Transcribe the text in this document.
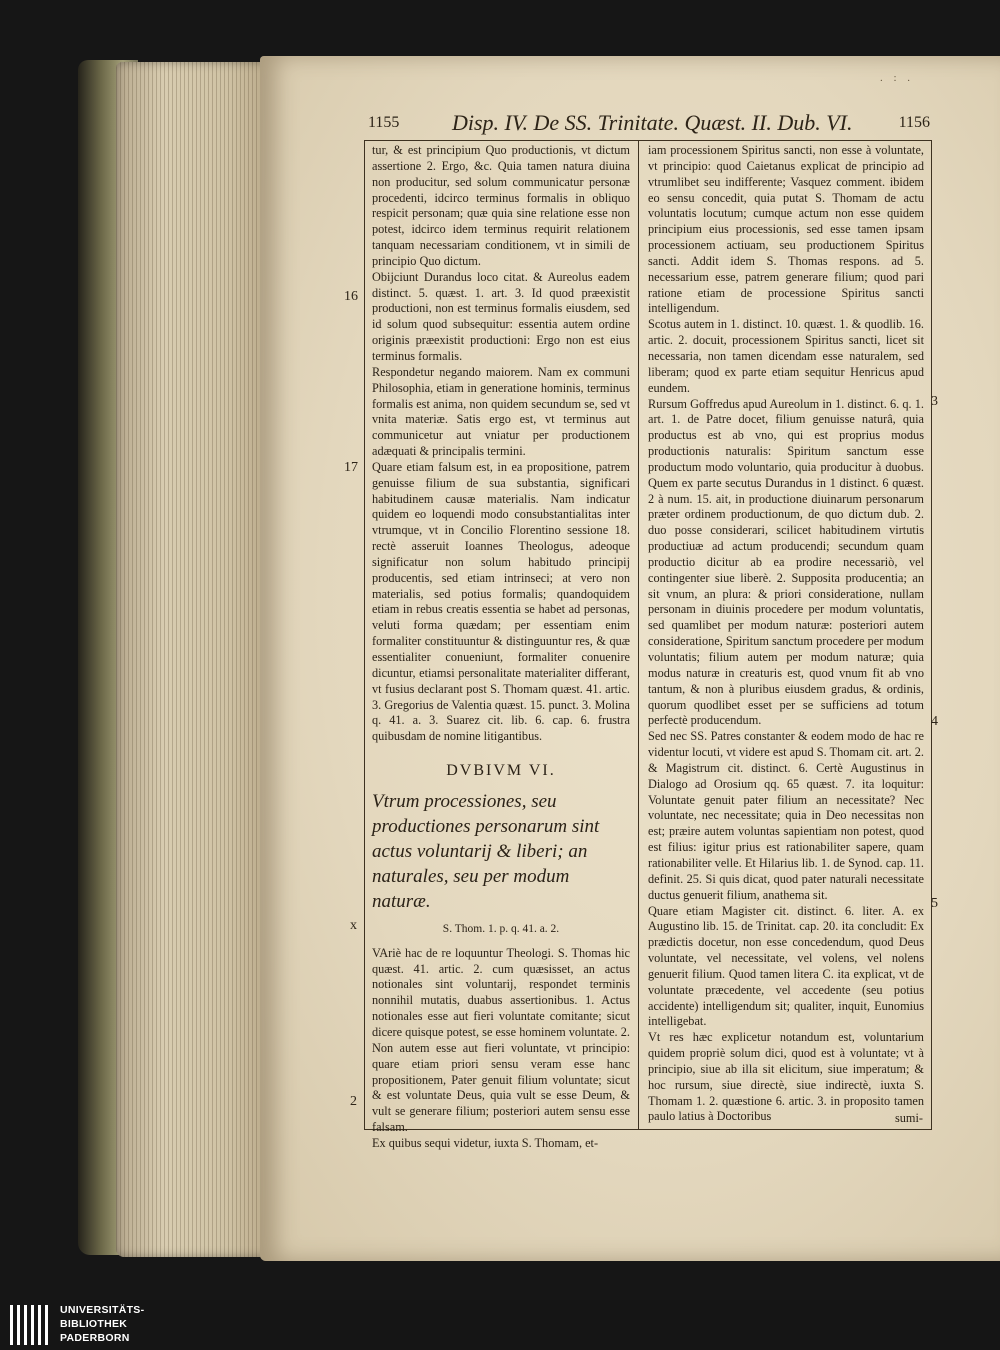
. : .
1155 Disp. IV. De SS. Trinitate. Quæst. II. Dub. VI.	1156

tur, & est principium Quo productionis, vt dictum assertione 2. Ergo, &c. Quia tamen natura diuina non producitur, sed solum communicatur personæ procedenti, idcirco terminus formalis in obliquo respicit personam; quæ quia sine relatione esse non potest, idcirco idem terminus requirit relationem tanquam necessariam conditionem, vt in simili de principio Quo dictum.

Obijciunt Durandus loco citat. & Aureolus eadem distinct. 5. quæst. 1. art. 3. Id quod præexistit productioni, non est terminus formalis eiusdem, sed id solum quod subsequitur: essentia autem ordine originis præexistit productioni: Ergo non est eius terminus formalis.

Respondetur negando maiorem. Nam ex communi Philosophia, etiam in generatione hominis, terminus formalis est anima, non quidem secundum se, sed vt vnita materiæ. Satis ergo est, vt terminus aut communicetur aut vniatur per productionem adæquati & principalis termini.

Quare etiam falsum est, in ea propositione, patrem genuisse filium de sua substantia, significari habitudinem causæ materialis. Nam indicatur quidem eo loquendi modo consubstantialitas inter vtrumque, vt in Concilio Florentino sessione 18. rectè asseruit Ioannes Theologus, adeoque significatur non solum habitudo principij producentis, sed etiam intrinseci; at vero non materialis, sed potius formalis; quandoquidem etiam in rebus creatis essentia se habet ad personas, veluti forma quædam; per essentiam enim formaliter constituuntur & distinguuntur res, & quæ essentialiter conueniunt, formaliter conuenire dicuntur, etiamsi personalitate materialiter differant, vt fusius declarant post S. Thomam quæst. 41. artic. 3. Gregorius de Valentia quæst. 15. punct. 3. Molina q. 41. a. 3. Suarez cit. lib. 6. cap. 6. frustra quibusdam de nomine litigantibus.

DVBIVM VI.

Vtrum processiones, seu productiones personarum sint actus voluntarij & liberi; an naturales, seu per modum naturæ.

S. Thom. 1. p. q. 41. a. 2.

VAriè hac de re loquuntur Theologi. S. Thomas hic quæst. 41. artic. 2. cum quæsisset, an actus notionales sint voluntarij, respondet terminis nonnihil mutatis, duabus assertionibus. 1. Actus notionales esse aut fieri voluntate comitante; sicut dicere quisque potest, se esse hominem voluntate. 2. Non autem esse aut fieri voluntate, vt principio: quare etiam priori sensu veram esse hanc propositionem, Pater genuit filium voluntate; sicut & est voluntate Deus, quia vult se esse Deum, & vult se generare filium; posteriori autem sensu esse falsam.

Ex quibus sequi videtur, iuxta S. Thomam, et-

iam processionem Spiritus sancti, non esse à voluntate, vt principio: quod Caietanus explicat de principio ad vtrumlibet seu indifferente; Vasquez comment. ibidem eo sensu concedit, quia putat S. Thomam de actu voluntatis locutum; cumque actum non esse quidem principium eius processionis, sed esse tamen ipsam processionem actiuam, seu productionem Spiritus sancti. Addit idem S. Thomas respons. ad 5. necessarium esse, patrem generare filium; quod pari ratione etiam de processione Spiritus sancti intelligendum.

Scotus autem in 1. distinct. 10. quæst. 1. & quodlib. 16. artic. 2. docuit, processionem Spiritus sancti, licet sit necessaria, non tamen dicendam esse naturalem, sed liberam; quod ex parte etiam sequitur Henricus apud eundem.

Rursum Goffredus apud Aureolum in 1. distinct. 6. q. 1. art. 1. de Patre docet, filium genuisse naturâ, quia productus est ab vno, qui est proprius modus productionis naturalis: Spiritum sanctum esse productum modo voluntario, quia producitur à duobus. Quem ex parte secutus Durandus in 1 distinct. 6 quæst. 2 à num. 15. ait, in productione diuinarum personarum præter ordinem productionum, de quo dictum dub. 2. duo posse considerari, scilicet habitudinem virtutis productiuæ ad actum producendi; secundum quam productio dicitur ab ea prodire necessariò, vel contingenter siue liberè. 2. Supposita producentia; an sit vnum, an plura: & priori consideratione, nullam personam in diuinis procedere per modum voluntatis, sed quamlibet per modum naturæ: posteriori autem consideratione, Spiritum sanctum procedere per modum voluntatis; filium autem per modum naturæ; quia modus naturæ in creaturis est, quod vnum fit ab vno tantum, & non à pluribus eiusdem gradus, & ordinis, quorum quodlibet esset per se sufficiens ad totum perfectè producendum.

Sed nec SS. Patres constanter & eodem modo de hac re videntur locuti, vt videre est apud S. Thomam cit. art. 2. & Magistrum cit. distinct. 6. Certè Augustinus in Dialogo ad Orosium qq. 65 quæst. 7. ita loquitur: Voluntate genuit pater filium an necessitate? Nec voluntate, nec necessitate; quia in Deo necessitas non est; præire autem voluntas sapientiam non potest, quod est filius: igitur prius est rationabiliter sapere, quam rationabiliter velle. Et Hilarius lib. 1. de Synod. cap. 11. definit. 25. Si quis dicat, quod pater naturali necessitate ductus genuerit filium, anathema sit.

Quare etiam Magister cit. distinct. 6. liter. A. ex Augustino lib. 15. de Trinitat. cap. 20. ita concludit: Ex prædictis docetur, non esse concedendum, quod Deus voluntate, vel necessitate, vel volens, vel nolens genuerit filium. Quod tamen litera C. ita explicat, vt de voluntate præcedente, vel accedente (seu potius accidente) intelligendum sit; qualiter, inquit, Eunomius intelligebat.

Vt res hæc explicetur notandum est, voluntarium quidem propriè solum dici, quod est à voluntate; vt à principio, siue ab illa sit elicitum, siue imperatum; & hoc rursum, siue directè, siue indirectè, iuxta S. Thomam 1. 2. quæstione 6. artic. 3. in proposito tamen paulo latius à Doctoribus

16
17
x
2
3
4
5
sumi-
UNIVERSITÄTS-
BIBLIOTHEK
PADERBORN
